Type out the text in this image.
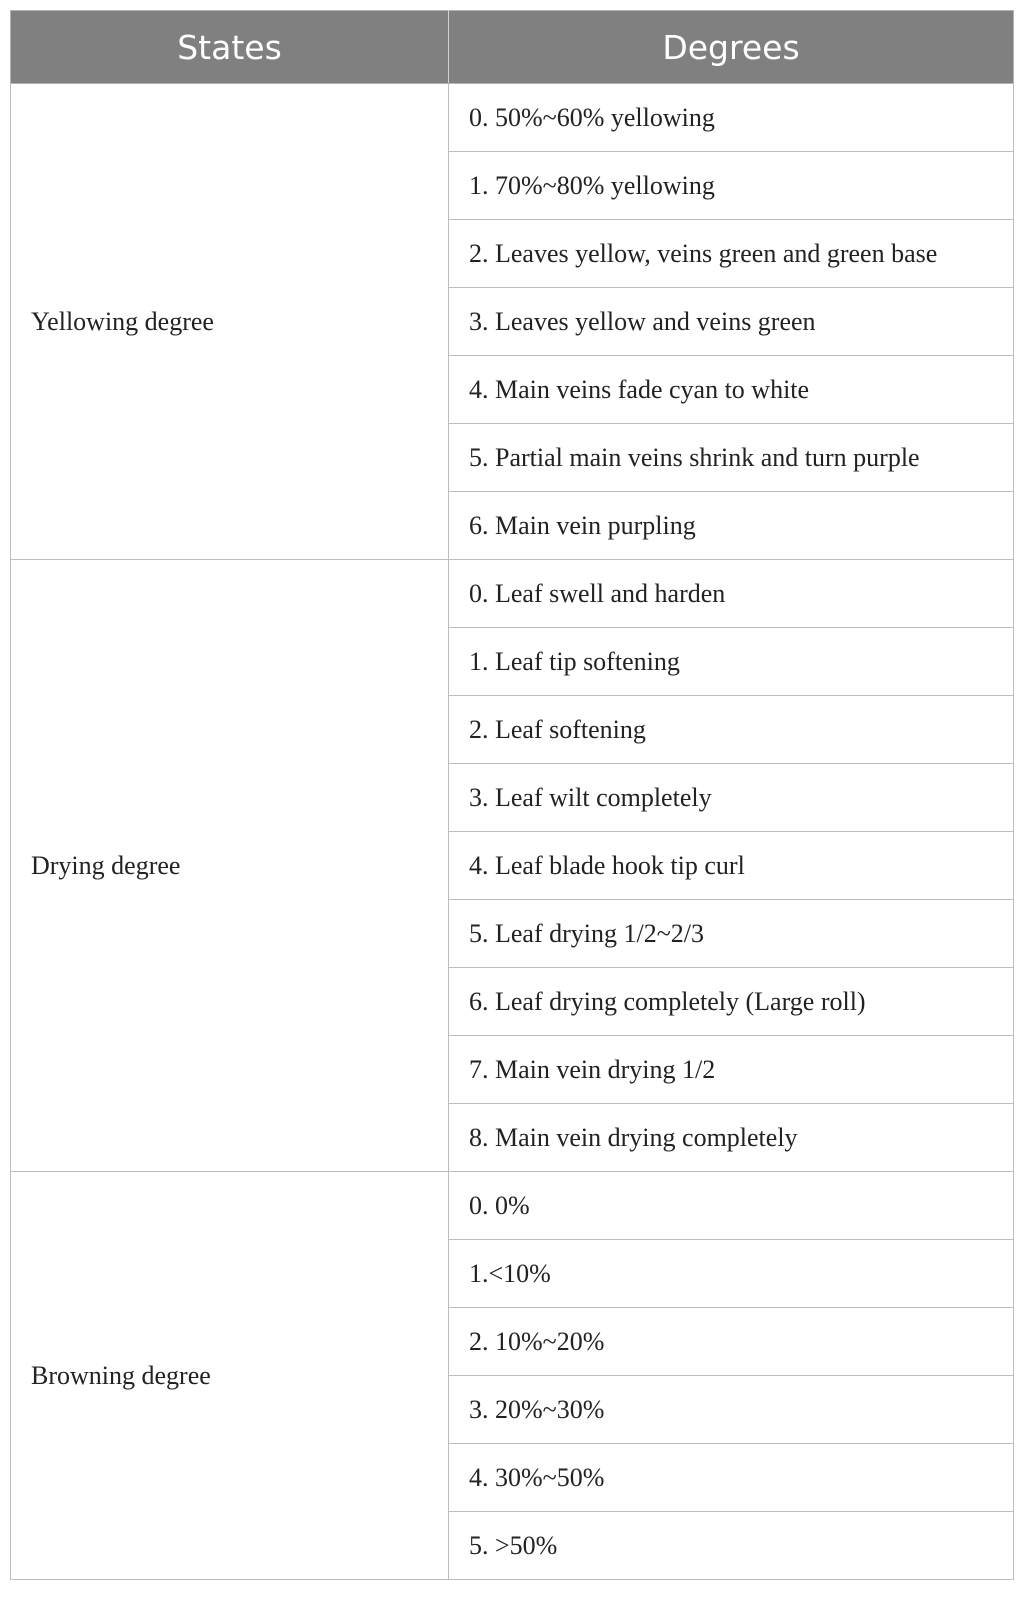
States	Degrees
Yellowing degree	0. 50%~60% yellowing
	1. 70%~80% yellowing
	2. Leaves yellow, veins green and green base
	3. Leaves yellow and veins green
	4. Main veins fade cyan to white
	5. Partial main veins shrink and turn purple
	6. Main vein purpling
Drying degree	0. Leaf swell and harden
	1. Leaf tip softening
	2. Leaf softening
	3. Leaf wilt completely
	4. Leaf blade hook tip curl
	5. Leaf drying 1/2~2/3
	6. Leaf drying completely (Large roll)
	7. Main vein drying 1/2
	8. Main vein drying completely
Browning degree	0. 0%
	1.<10%
	2. 10%~20%
	3. 20%~30%
	4. 30%~50%
	5. >50%
